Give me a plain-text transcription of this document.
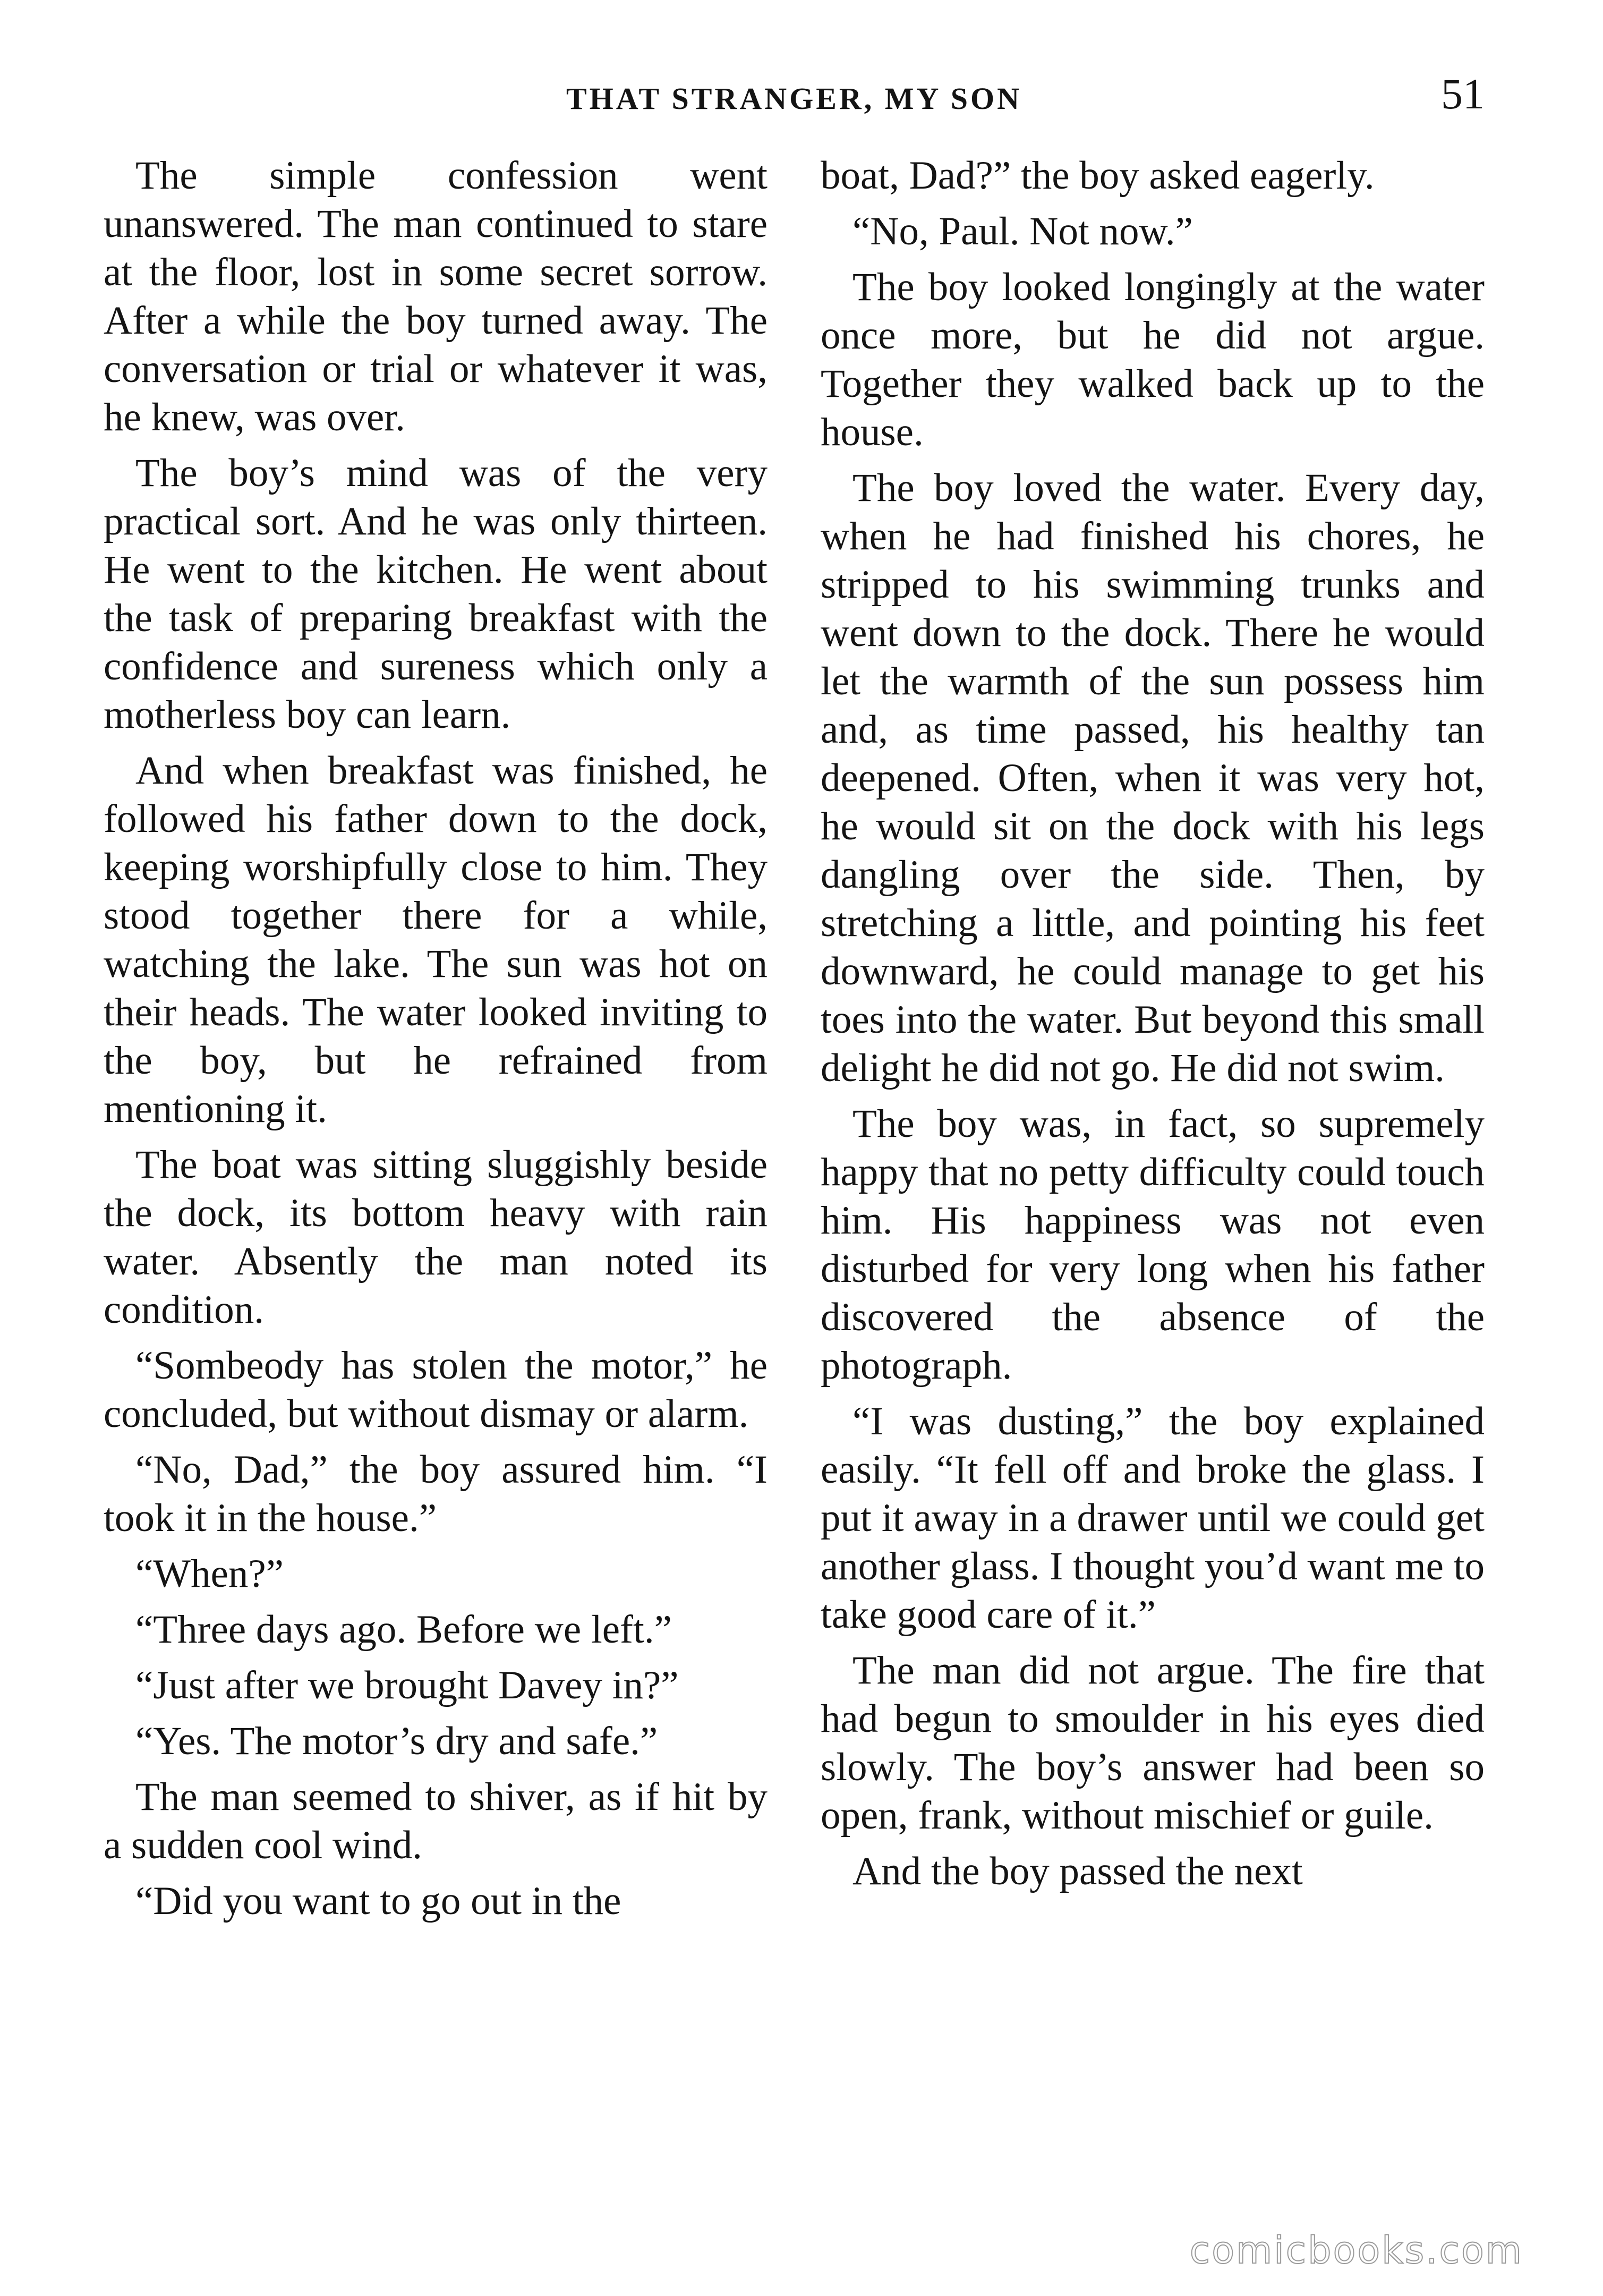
THAT STRANGER, MY SON	51

The simple confession went unanswered. The man continued to stare at the floor, lost in some secret sorrow. After a while the boy turned away. The conversation or trial or whatever it was, he knew, was over.

The boy’s mind was of the very practical sort. And he was only thirteen. He went to the kitchen. He went about the task of preparing breakfast with the confidence and sureness which only a motherless boy can learn.

And when breakfast was finished, he followed his father down to the dock, keeping worshipfully close to him. They stood together there for a while, watching the lake. The sun was hot on their heads. The water looked inviting to the boy, but he refrained from mentioning it.

The boat was sitting sluggishly beside the dock, its bottom heavy with rain water. Absently the man noted its condition.

“Sombeody has stolen the motor,” he concluded, but without dismay or alarm.

“No, Dad,” the boy assured him. “I took it in the house.”

“When?”

“Three days ago. Before we left.”

“Just after we brought Davey in?”

“Yes. The motor’s dry and safe.”

The man seemed to shiver, as if hit by a sudden cool wind.

“Did you want to go out in the

boat, Dad?” the boy asked eagerly.

“No, Paul. Not now.”

The boy looked longingly at the water once more, but he did not argue. Together they walked back up to the house.

The boy loved the water. Every day, when he had finished his chores, he stripped to his swimming trunks and went down to the dock. There he would let the warmth of the sun possess him and, as time passed, his healthy tan deepened. Often, when it was very hot, he would sit on the dock with his legs dangling over the side. Then, by stretching a little, and pointing his feet downward, he could manage to get his toes into the water. But beyond this small delight he did not go. He did not swim.

The boy was, in fact, so supremely happy that no petty difficulty could touch him. His happiness was not even disturbed for very long when his father discovered the absence of the photograph.

“I was dusting,” the boy explained easily. “It fell off and broke the glass. I put it away in a drawer until we could get another glass. I thought you’d want me to take good care of it.”

The man did not argue. The fire that had begun to smoulder in his eyes died slowly. The boy’s answer had been so open, frank, without mischief or guile.

And the boy passed the next

comicbooks.com
